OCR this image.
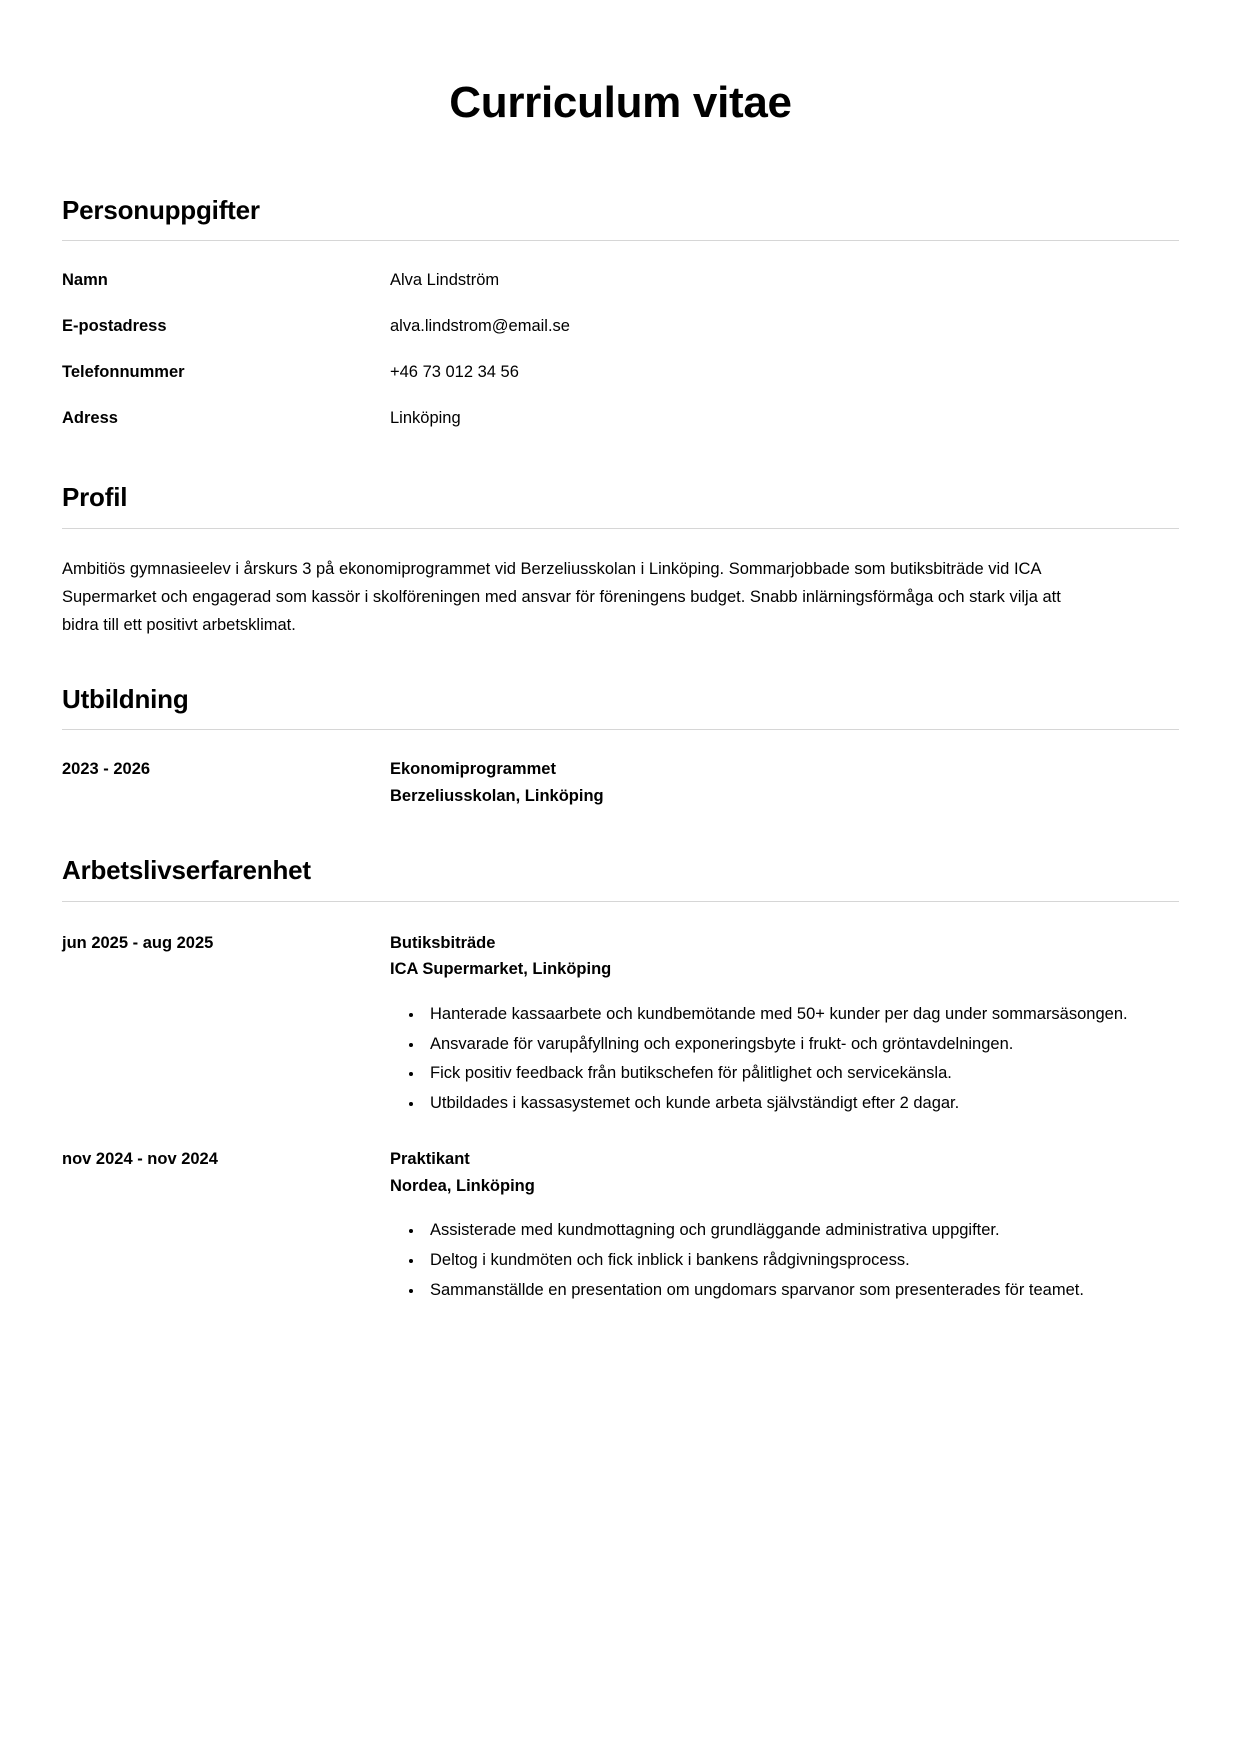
Curriculum vitae
Personuppgifter
Namn	Alva Lindström
E-postadress	alva.lindstrom@email.se
Telefonnummer	+46 73 012 34 56
Adress	Linköping
Profil

Ambitiös gymnasieelev i årskurs 3 på ekonomiprogrammet vid Berzeliusskolan i Linköping. Sommarjobbade som butiksbiträde vid ICA Supermarket och engagerad som kassör i skolföreningen med ansvar för föreningens budget. Snabb inlärningsförmåga och stark vilja att bidra till ett positivt arbetsklimat.

Utbildning
2023 - 2026	Ekonomiprogrammet
Berzeliusskolan, Linköping
Arbetslivserfarenhet
jun 2025 - aug 2025	Butiksbiträde
ICA Supermarket, Linköping
• Hanterade kassaarbete och kundbemötande med 50+ kunder per dag under sommarsäsongen.
• Ansvarade för varupåfyllning och exponeringsbyte i frukt- och gröntavdelningen.
• Fick positiv feedback från butikschefen för pålitlighet och servicekänsla.
• Utbildades i kassasystemet och kunde arbeta självständigt efter 2 dagar.
nov 2024 - nov 2024	Praktikant
Nordea, Linköping
• Assisterade med kundmottagning och grundläggande administrativa uppgifter.
• Deltog i kundmöten och fick inblick i bankens rådgivningsprocess.
• Sammanställde en presentation om ungdomars sparvanor som presenterades för teamet.
